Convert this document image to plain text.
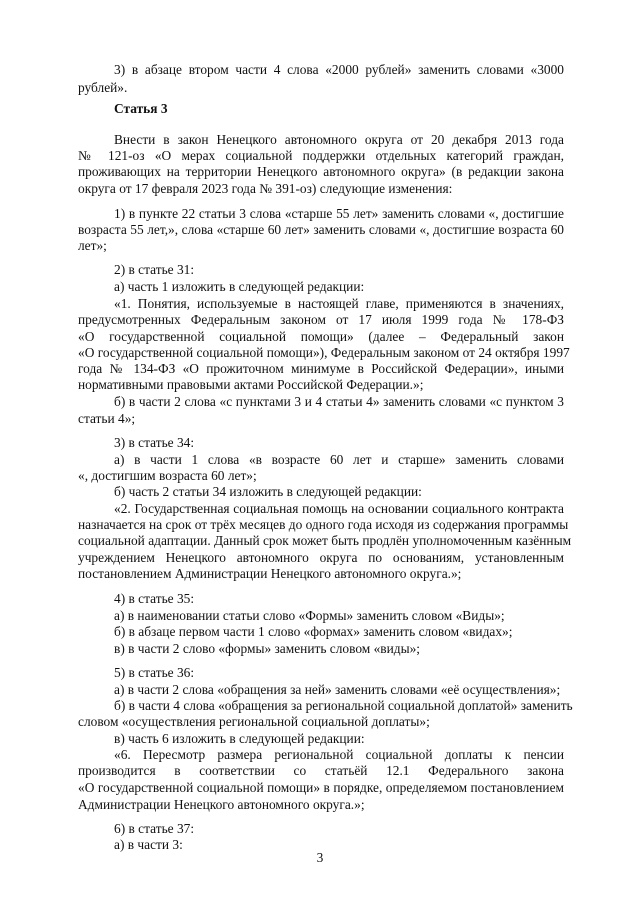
3) в абзаце втором части 4 слова «2000 рублей» заменить словами «3000
рублей».
Статья 3
Внести в закон Ненецкого автономного округа от 20 декабря 2013 года
№ 121-оз «О мерах социальной поддержки отдельных категорий граждан,
проживающих на территории Ненецкого автономного округа» (в редакции закона
округа от 17 февраля 2023 года № 391-оз) следующие изменения:
1) в пункте 22 статьи 3 слова «старше 55 лет» заменить словами «, достигшие
возраста 55 лет,», слова «старше 60 лет» заменить словами «, достигшие возраста 60
лет»;
2) в статье 31:
а) часть 1 изложить в следующей редакции:
«1. Понятия, используемые в настоящей главе, применяются в значениях,
предусмотренных Федеральным законом от 17 июля 1999 года № 178-ФЗ
«О государственной социальной помощи» (далее – Федеральный закон
«О государственной социальной помощи»), Федеральным законом от 24 октября 1997
года № 134-ФЗ «О прожиточном минимуме в Российской Федерации», иными
нормативными правовыми актами Российской Федерации.»;
б) в части 2 слова «с пунктами 3 и 4 статьи 4» заменить словами «с пунктом 3
статьи 4»;
3) в статье 34:
а) в части 1 слова «в возрасте 60 лет и старше» заменить словами
«, достигшим возраста 60 лет»;
б) часть 2 статьи 34 изложить в следующей редакции:
«2. Государственная социальная помощь на основании социального контракта
назначается на срок от трёх месяцев до одного года исходя из содержания программы
социальной адаптации. Данный срок может быть продлён уполномоченным казённым
учреждением Ненецкого автономного округа по основаниям, установленным
постановлением Администрации Ненецкого автономного округа.»;
4) в статье 35:
а) в наименовании статьи слово «Формы» заменить словом «Виды»;
б) в абзаце первом части 1 слово «формах» заменить словом «видах»;
в) в части 2 слово «формы» заменить словом «виды»;
5) в статье 36:
а) в части 2 слова «обращения за ней» заменить словами «её осуществления»;
б) в части 4 слова «обращения за региональной социальной доплатой» заменить
словом «осуществления региональной социальной доплаты»;
в) часть 6 изложить в следующей редакции:
«6. Пересмотр размера региональной социальной доплаты к пенсии
производится в соответствии со статьёй 12.1 Федерального закона
«О государственной социальной помощи» в порядке, определяемом постановлением
Администрации Ненецкого автономного округа.»;
6) в статье 37:
а) в части 3:
3
